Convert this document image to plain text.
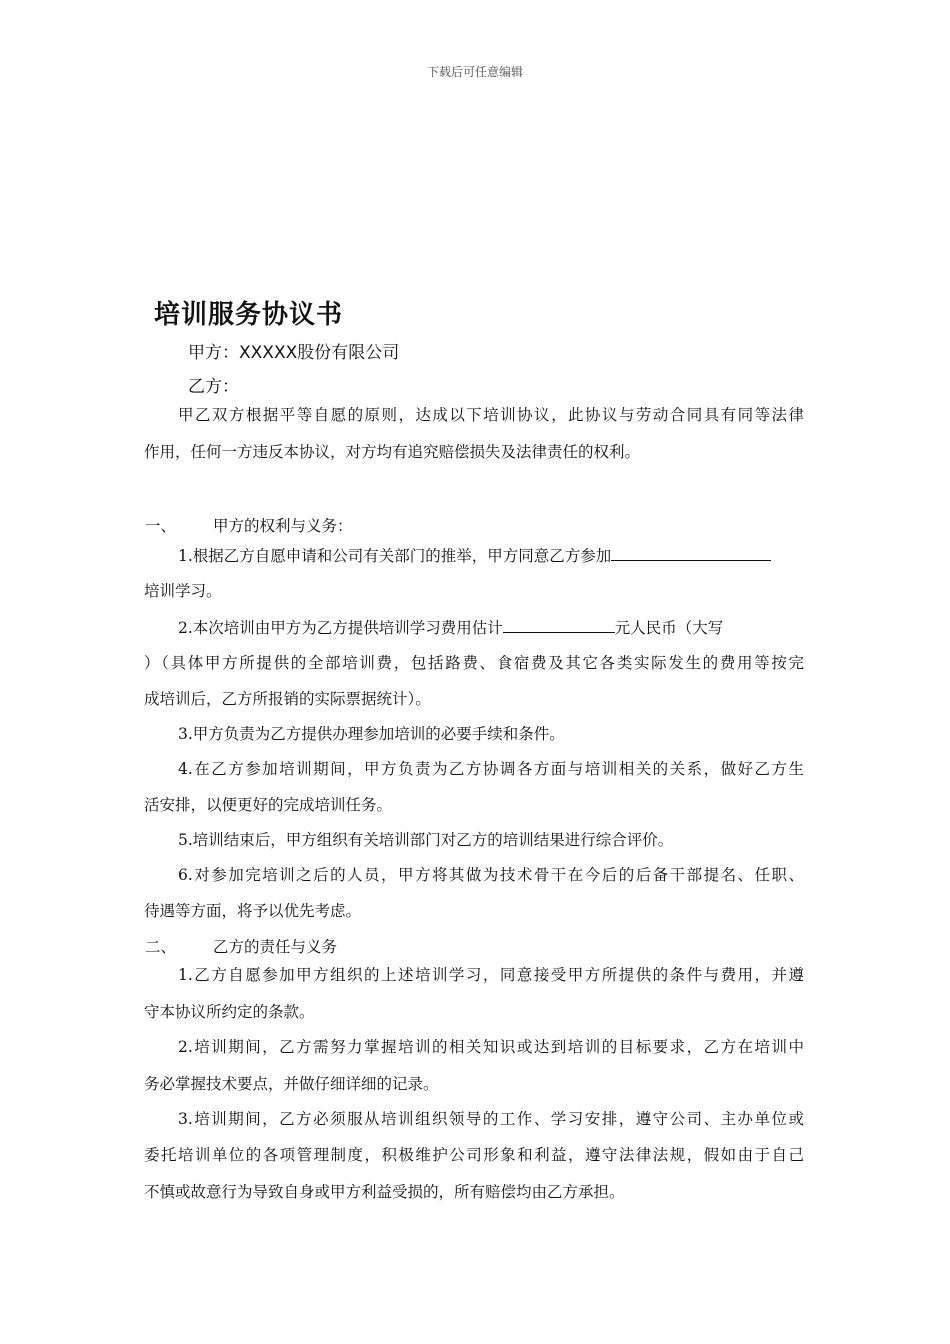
下载后可任意编辑
培训服务协议书
甲方：XXXXX股份有限公司
乙方：
甲乙双方根据平等自愿的原则，达成以下培训协议，此协议与劳动合同具有同等法律
作用，任何一方违反本协议，对方均有追究赔偿损失及法律责任的权利。
一、 甲方的权利与义务：
1.根据乙方自愿申请和公司有关部门的推举，甲方同意乙方参加
培训学习。
2.本次培训由甲方为乙方提供培训学习费用估计	元人民币（大写
）（具体甲方所提供的全部培训费，包括路费、食宿费及其它各类实际发生的费用等按完
成培训后，乙方所报销的实际票据统计）。
3.甲方负责为乙方提供办理参加培训的必要手续和条件。
4.在乙方参加培训期间，甲方负责为乙方协调各方面与培训相关的关系，做好乙方生
活安排，以便更好的完成培训任务。
5.培训结束后，甲方组织有关培训部门对乙方的培训结果进行综合评价。
6.对参加完培训之后的人员，甲方将其做为技术骨干在今后的后备干部提名、任职、
待遇等方面，将予以优先考虑。
二、 乙方的责任与义务
1.乙方自愿参加甲方组织的上述培训学习，同意接受甲方所提供的条件与费用，并遵
守本协议所约定的条款。
2.培训期间，乙方需努力掌握培训的相关知识或达到培训的目标要求，乙方在培训中
务必掌握技术要点，并做仔细详细的记录。
3.培训期间，乙方必须服从培训组织领导的工作、学习安排，遵守公司、主办单位或
委托培训单位的各项管理制度，积极维护公司形象和利益，遵守法律法规，假如由于自己
不慎或故意行为导致自身或甲方利益受损的，所有赔偿均由乙方承担。
